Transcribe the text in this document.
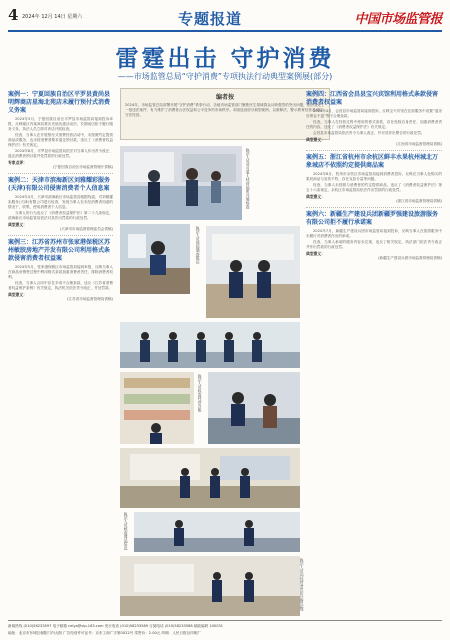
4 2024年 12月 14日 星期六	专题报道	中国市场监管报
雷霆出击 守护消费
——市场监管总局“守护消费”专项执法行动典型案例展(部分)
案例一：宁夏回族自治区平罗县黄尚县明辉商店星海北苑店未履行预付式消费义务案

2024年5月，宁夏回族自治区平罗县市场监管局接到投诉举报，反映辖区内某商店推出充值优惠活动后，长期闭店拒不履行服务义务。执法人员立即对该店开展检查。

经查，当事人在开展预付式消费经营活动中，未按照约定提供商品或服务，也未按消费者要求退还预付款，违反了《消费者权益保护法》有关规定。

2024年8月，平罗县市场监管局依法对当事人作出责令改正、退还消费者预付款并处罚款的行政处罚。

专家点评：
(宁夏回族自治区市场监督管理厅供稿)
案例二：天津市滨海新区刘雅耀彩服务(天津)有限公司侵害消费者个人信息案

2024年4月，天津市滨海新区市场监管局根据线索，对刘雅耀彩服务(天津)有限公司进行检查，发现当事人在未经消费者同意的情况下，收集、使用消费者个人信息。

当事人的行为违反了《消费者权益保护法》第二十九条规定，滨海新区市场监管局依法对其作出罚款的行政处罚。

典型意义：
(天津市市场监督管理委员会供稿)
案例三：江苏省苏州市张家港保税区苏州敏胶房地产开发有限公司利用格式条款侵害消费者权益案

2024年5月，张家港保税区市场监管局接到举报，反映当事人在商品房销售过程中利用格式条款加重消费者责任、排除消费者权利。

经查，当事人合同中存在多项不合理条款，违反《江苏省消费者权益保护条例》有关规定，执法机关依法责令改正，并处罚款。

典型意义：
(江苏省市场监督管理局供稿)
编者按
2024年，市场监管总局部署开展“守护消费”铁拳行动，各地市场监管部门聚焦民生领域群众反映强烈的突出问题，依法查处了一批违法案件，有力维护了消费者合法权益和公平竞争的市场秩序。本版选登部分典型案例，以案释法，警示教育经营者诚信守法经营。
执法人员对当事人经营场所开展检查
执法人员现场调查取证
执法人员检查经营台账
执法人员核查商品信息
执法人员向经营者宣传法律法规
案例四：江西省会昌县宝兴宾馆利用格式条款侵害消费者权益案

2024年4月，会昌县市场监管局接到投诉，反映宝兴宾馆在住宿服务中设置“退房后押金不退”等不合理条款。

经查，当事人在经营过程中使用的格式条款，存在免除自身责任、加重消费者责任的内容，违反了《消费者权益保护法》有关规定。

会昌县市场监管局依法责令当事人改正，并对其作出警告的行政处罚。

典型意义：
(江西省市场监督管理局供稿)
案例五：浙江省杭州市余杭区鲜丰水果杭州城北万象城店不依照约定提供商品案

2024年8月，杭州市余杭区市场监管局接到消费者投诉，反映在当事人处购买的果切商品与宣传不符，存在克扣分量等问题。

经查，当事人未按照与消费者的约定提供商品，违反了《消费者权益保护法》第五十六条规定，余杭区市场监管局依法作出罚款的行政处罚。

典型意义：
(浙江省市场监督管理局供稿)
案例六：新疆生产建设兵团新疆罗强建设旅游服务有限公司拒不履行承诺案

2024年7月，新疆生产建设兵团市场监管局接到投诉，反映当事人在旅游服务中未履行对消费者作出的承诺。

经查，当事人承诺的服务内容未兑现，违反了相关规定，执法部门依法责令改正并作出罚款的行政处罚。

典型意义：
(新疆生产建设兵团市场监督管理局供稿)
新闻热线 (010)58233597 电子邮箱 ceiya@vip.163.com 发行电话 (010)58233589 订阅电话 (010)58233588 邮政编码 100031
地址：北京市东城区朝阳门内大街 广告经营许可证号：京东工商广字第0022号 零售价：2.00元 印刷：人民日报社印刷厂
